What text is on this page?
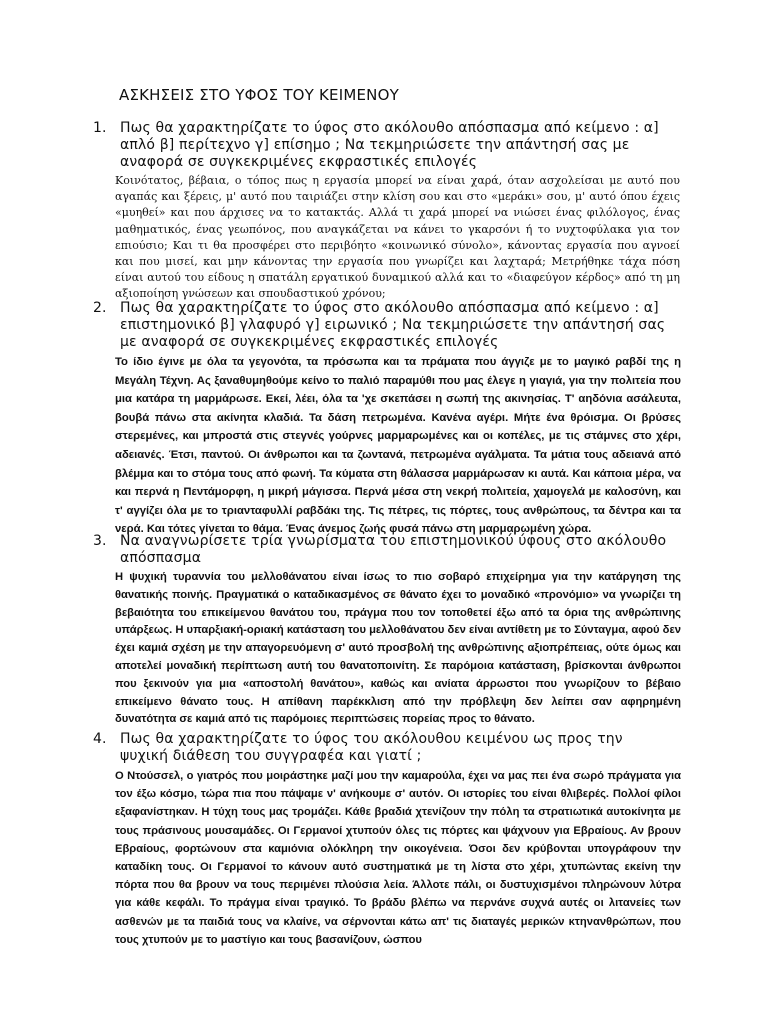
ΑΣΚΗΣΕΙΣ ΣΤΟ ΥΦΟΣ ΤΟΥ ΚΕΙΜΕΝΟΥ
1. Πως θα χαρακτηρίζατε το ύφος στο ακόλουθο απόσπασμα από κείμενο : α] απλό β] περίτεχνο γ] επίσημο ; Να τεκμηριώσετε την απάντησή σας με αναφορά σε συγκεκριμένες εκφραστικές επιλογές
Κοινότατος, βέβαια, ο τόπος πως η εργασία μπορεί να είναι χαρά, όταν ασχολείσαι με αυτό που αγαπάς και ξέρεις, μ' αυτό που ταιριάζει στην κλίση σου και στο «μεράκι» σου, μ' αυτό όπου έχεις «μυηθεί» και που άρχισες να το κατακτάς. Αλλά τι χαρά μπορεί να νιώσει ένας φιλόλογος, ένας μαθηματικός, ένας γεωπόνος, που αναγκάζεται να κάνει το γκαρσόνι ή το νυχτοφύλακα για τον επιούσιο; Και τι θα προσφέρει στο περιβόητο «κοινωνικό σύνολο», κάνοντας εργασία που αγνοεί και που μισεί, και μην κάνοντας την εργασία που γνωρίζει και λαχταρά; Μετρήθηκε τάχα πόση είναι αυτού του είδους η σπατάλη εργατικού δυναμικού αλλά και το «διαφεύγον κέρδος» από τη μη αξιοποίηση γνώσεων και σπουδαστικού χρόνου;
2. Πως θα χαρακτηρίζατε το ύφος στο ακόλουθο απόσπασμα από κείμενο : α] επιστημονικό β] γλαφυρό γ] ειρωνικό ; Να τεκμηριώσετε την απάντησή σας με αναφορά σε συγκεκριμένες εκφραστικές επιλογές
Το ίδιο έγινε με όλα τα γεγονότα, τα πρόσωπα και τα πράματα που άγγιζε με το μαγικό ραβδί της η Μεγάλη Τέχνη. Ας ξαναθυμηθούμε κείνο το παλιό παραμύθι που μας έλεγε η γιαγιά, για την πολιτεία που μια κατάρα τη μαρμάρωσε. Εκεί, λέει, όλα τα 'χε σκεπάσει η σωπή της ακινησίας. Τ' αηδόνια ασάλευτα, βουβά πάνω στα ακίνητα κλαδιά. Τα δάση πετρωμένα. Κανένα αγέρι. Μήτε ένα θρόισμα. Οι βρύσες στερεμένες, και μπροστά στις στεγνές γούρνες μαρμαρωμένες και οι κοπέλες, με τις στάμνες στο χέρι, αδειανές. Έτσι, παντού. Οι άνθρωποι και τα ζωντανά, πετρωμένα αγάλματα. Τα μάτια τους αδειανά από βλέμμα και το στόμα τους από φωνή. Τα κύματα στη θάλασσα μαρμάρωσαν κι αυτά. Και κάποια μέρα, να και περνά η Πεντάμορφη, η μικρή μάγισσα. Περνά μέσα στη νεκρή πολιτεία, χαμογελά με καλοσύνη, και τ' αγγίζει όλα με το τριανταφυλλί ραβδάκι της. Τις πέτρες, τις πόρτες, τους ανθρώπους, τα δέντρα και τα νερά. Και τότες γίνεται το θάμα. Ένας άνεμος ζωής φυσά πάνω στη μαρμαρωμένη χώρα.
3. Να αναγνωρίσετε τρία γνωρίσματα του επιστημονικού ύφους στο ακόλουθο απόσπασμα
Η ψυχική τυραννία του μελλοθάνατου είναι ίσως το πιο σοβαρό επιχείρημα για την κατάργηση της θανατικής ποινής. Πραγματικά ο καταδικασμένος σε θάνατο έχει το μοναδικό «προνόμιο» να γνωρίζει τη βεβαιότητα του επικείμενου θανάτου του, πράγμα που τον τοποθετεί έξω από τα όρια της ανθρώπινης υπάρξεως. Η υπαρξιακή-οριακή κατάσταση του μελλοθάνατου δεν είναι αντίθετη με το Σύνταγμα, αφού δεν έχει καμιά σχέση με την απαγορευόμενη σ' αυτό προσβολή της ανθρώπινης αξιοπρέπειας, ούτε όμως και αποτελεί μοναδική περίπτωση αυτή του θανατοποινίτη. Σε παρόμοια κατάσταση, βρίσκονται άνθρωποι που ξεκινούν για μια «αποστολή θανάτου», καθώς και ανίατα άρρωστοι που γνωρίζουν το βέβαιο επικείμενο θάνατο τους. Η απίθανη παρέκκλιση από την πρόβλεψη δεν λείπει σαν αφηρημένη δυνατότητα σε καμιά από τις παρόμοιες περιπτώσεις πορείας προς το θάνατο.
4. Πως θα χαρακτηρίζατε το ύφος του ακόλουθου κειμένου ως προς την ψυχική διάθεση του συγγραφέα και γιατί ;
Ο Ντούσσελ, ο γιατρός που μοιράστηκε μαζί μου την καμαρούλα, έχει να μας πει ένα σωρό πράγματα για τον έξω κόσμο, τώρα πια που πάψαμε ν' ανήκουμε σ' αυτόν. Οι ιστορίες του είναι θλιβερές. Πολλοί φίλοι εξαφανίστηκαν. Η τύχη τους μας τρομάζει. Κάθε βραδιά χτενίζουν την πόλη τα στρατιωτικά αυτοκίνητα με τους πράσινους μουσαμάδες. Οι Γερμανοί χτυπούν όλες τις πόρτες και ψάχνουν για Εβραίους. Αν βρουν Εβραίους, φορτώνουν στα καμιόνια ολόκληρη την οικογένεια. Όσοι δεν κρύβονται υπογράφουν την καταδίκη τους. Οι Γερμανοί το κάνουν αυτό συστηματικά με τη λίστα στο χέρι, χτυπώντας εκείνη την πόρτα που θα βρουν να τους περιμένει πλούσια λεία. Άλλοτε πάλι, οι δυστυχισμένοι πληρώνουν λύτρα για κάθε κεφάλι. Το πράγμα είναι τραγικό. Το βράδυ βλέπω να περνάνε συχνά αυτές οι λιτανείες των ασθενών με τα παιδιά τους να κλαίνε, να σέρνονται κάτω απ' τις διαταγές μερικών κτηνανθρώπων, που τους χτυπούν με το μαστίγιο και τους βασανίζουν, ώσπου
